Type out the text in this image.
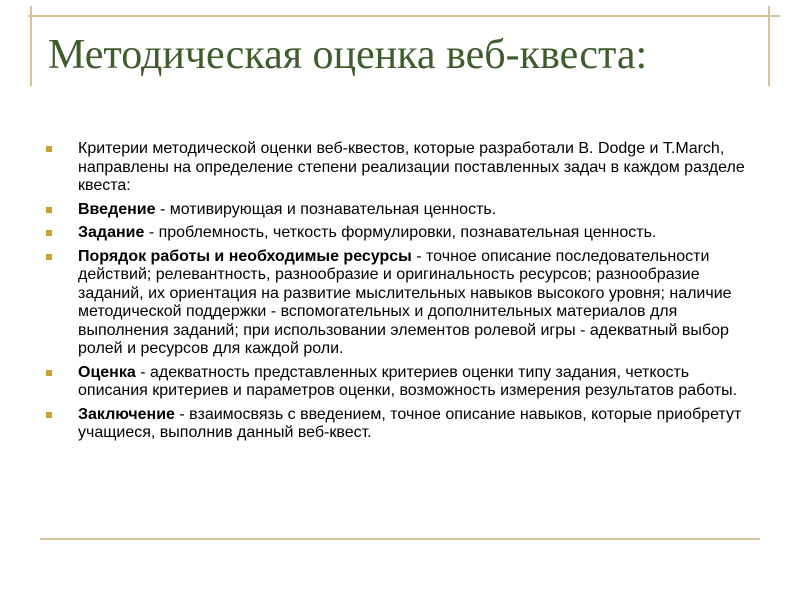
Методическая оценка веб-квеста:
Критерии методической оценки веб-квестов, которые разработали B. Dodge и T.March, направлены на определение степени реализации поставленных задач в каждом разделе квеста:
Введение - мотивирующая и познавательная ценность.
Задание - проблемность, четкость формулировки, познавательная ценность.
Порядок работы и необходимые ресурсы - точное описание последовательности действий; релевантность, разнообразие и оригинальность ресурсов; разнообразие заданий, их ориентация на развитие мыслительных навыков высокого уровня; наличие методической поддержки - вспомогательных и дополнительных материалов для выполнения заданий; при использовании элементов ролевой игры - адекватный выбор ролей и ресурсов для каждой роли.
Оценка - адекватность представленных критериев оценки типу задания, четкость описания критериев и параметров оценки, возможность измерения результатов работы.
Заключение - взаимосвязь с введением, точное описание навыков, которые приобретут учащиеся, выполнив данный веб-квест.
